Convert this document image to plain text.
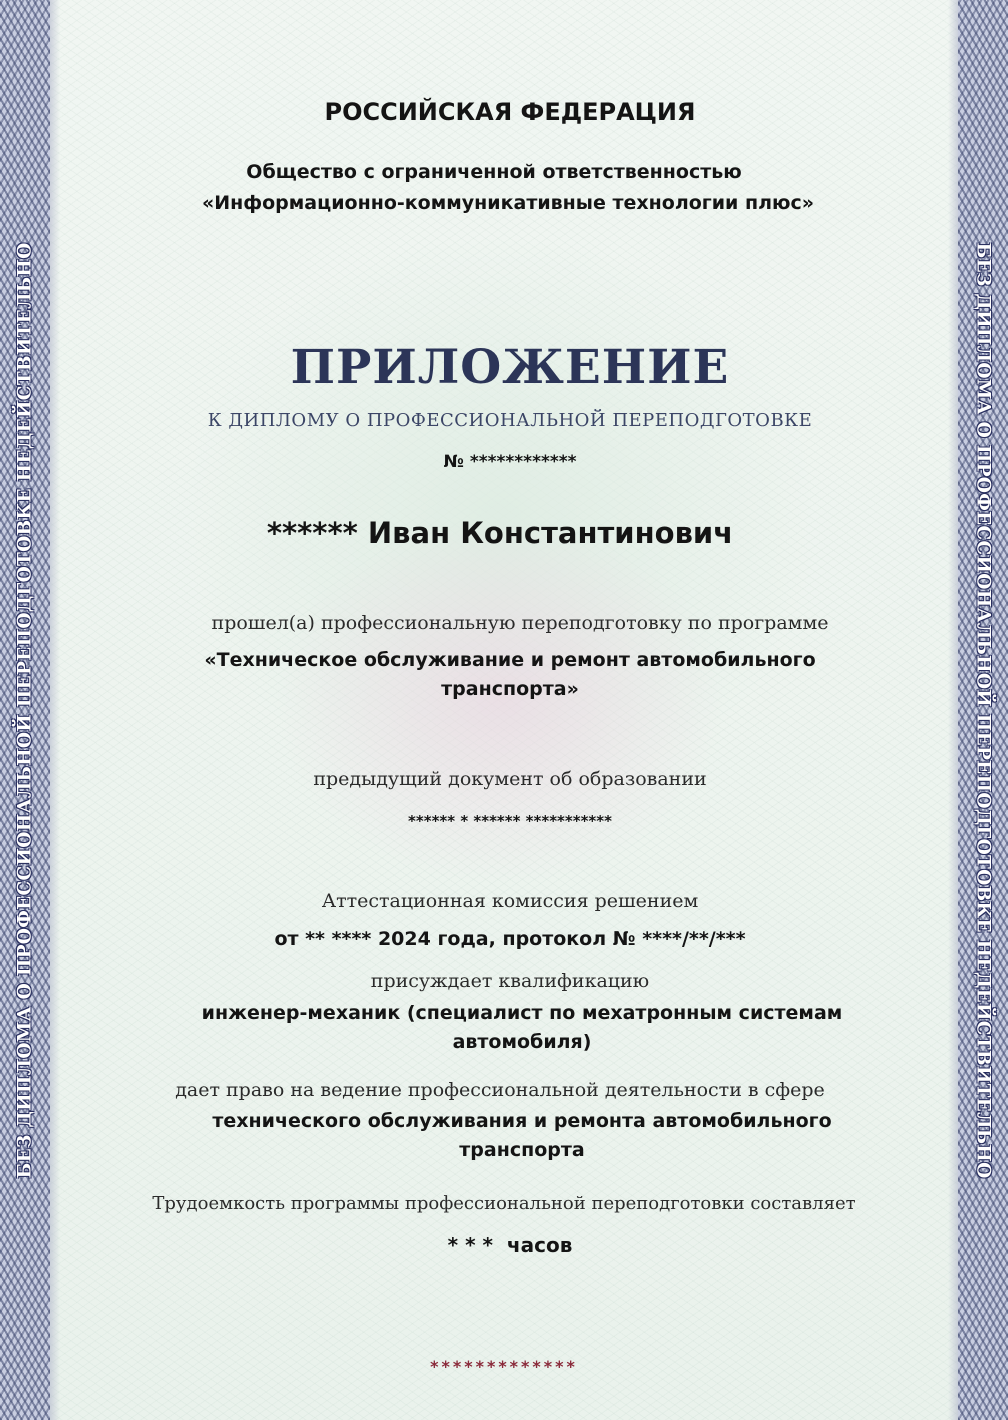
БЕЗ ДИПЛОМА О ПРОФЕССИОНАЛЬНОЙ ПЕРЕПОДГОТОВКЕ НЕДЕЙСТВИТЕЛЬНО	БЕЗ ДИПЛОМА О ПРОФЕССИОНАЛЬНОЙ ПЕРЕПОДГОТОВКЕ НЕДЕЙСТВИТЕЛЬНО
РОССИЙСКАЯ ФЕДЕРАЦИЯ
Общество с ограниченной ответственностью
«Информационно-коммуникативные технологии плюс»
ПРИЛОЖЕНИЕ
К ДИПЛОМУ О ПРОФЕССИОНАЛЬНОЙ ПЕРЕПОДГОТОВКЕ
№ ************
****** Иван Константинович
прошел(а) профессиональную переподготовку по программе
«Техническое обслуживание и ремонт автомобильного
транспорта»
предыдущий документ об образовании
****** * ****** ***********
Аттестационная комиссия решением
от ** **** 2024 года, протокол № ****/**/***
присуждает квалификацию
инженер-механик (специалист по мехатронным системам
автомобиля)
дает право на ведение профессиональной деятельности в сфере
технического обслуживания и ремонта автомобильного
транспорта
Трудоемкость программы профессиональной переподготовки составляет
* * *  часов
*************
